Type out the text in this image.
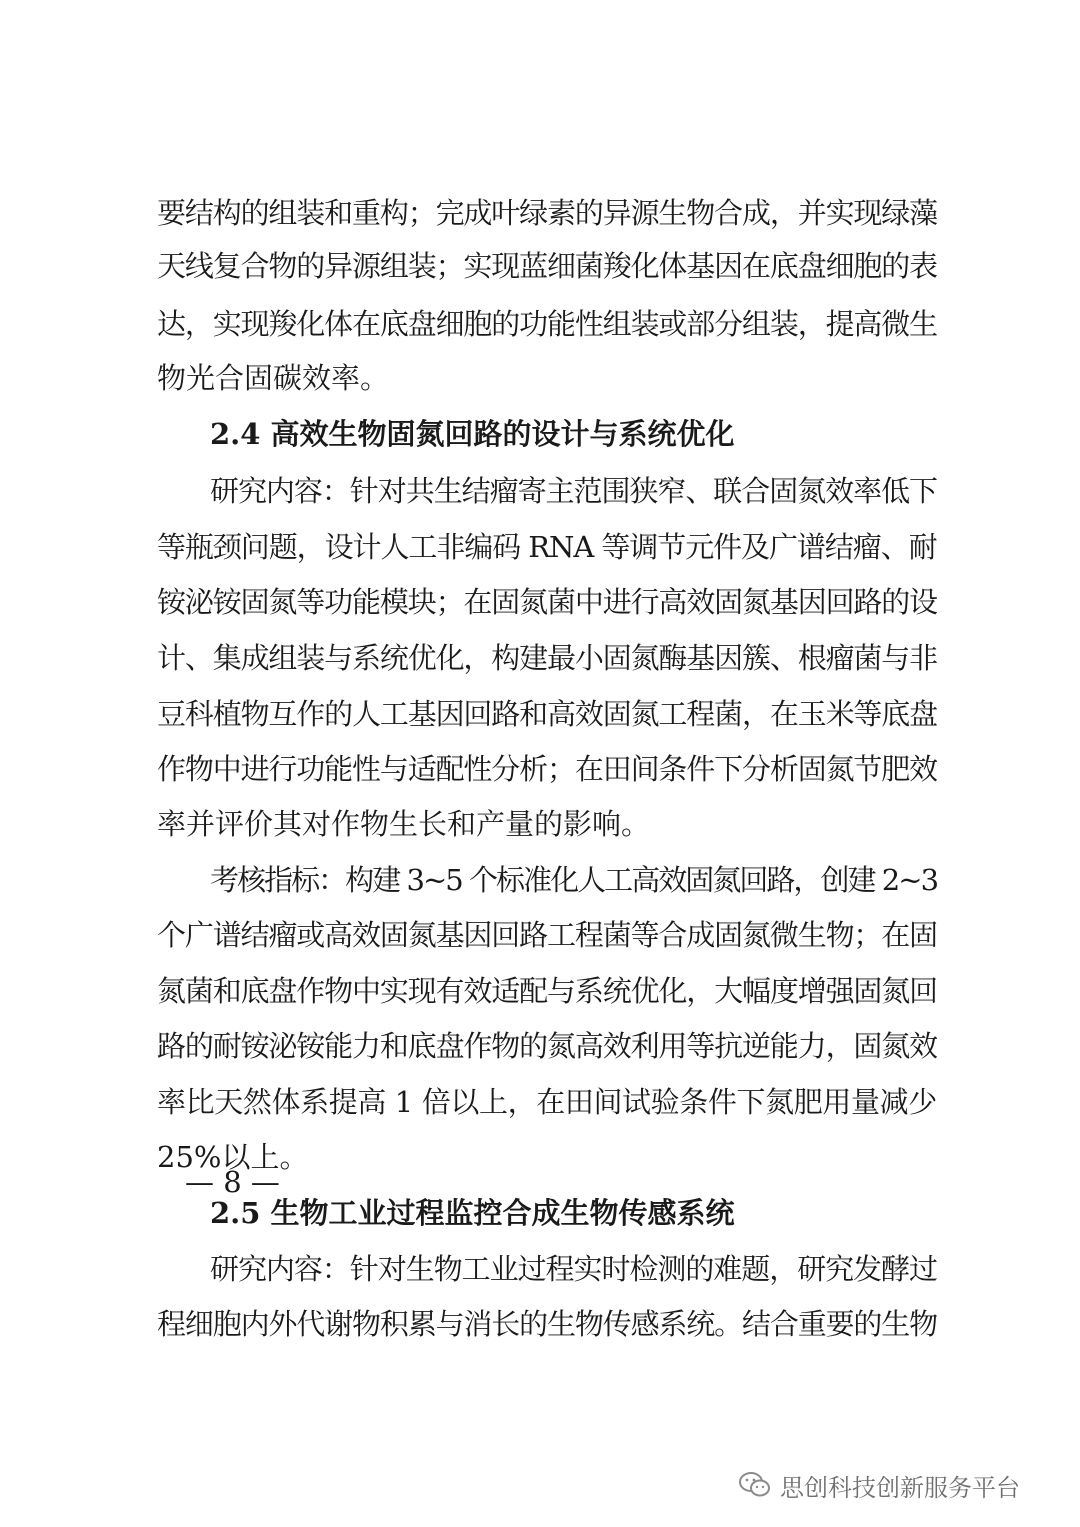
要结构的组装和重构；完成叶绿素的异源生物合成，并实现绿藻
天线复合物的异源组装；实现蓝细菌羧化体基因在底盘细胞的表
达，实现羧化体在底盘细胞的功能性组装或部分组装，提高微生
物光合固碳效率。
2.4 高效生物固氮回路的设计与系统优化
研究内容：针对共生结瘤寄主范围狭窄、联合固氮效率低下
等瓶颈问题，设计人工非编码 RNA 等调节元件及广谱结瘤、耐
铵泌铵固氮等功能模块；在固氮菌中进行高效固氮基因回路的设
计、集成组装与系统优化，构建最小固氮酶基因簇、根瘤菌与非
豆科植物互作的人工基因回路和高效固氮工程菌，在玉米等底盘
作物中进行功能性与适配性分析；在田间条件下分析固氮节肥效
率并评价其对作物生长和产量的影响。
考核指标：构建 3~5 个标准化人工高效固氮回路，创建 2~3
个广谱结瘤或高效固氮基因回路工程菌等合成固氮微生物；在固
氮菌和底盘作物中实现有效适配与系统优化，大幅度增强固氮回
路的耐铵泌铵能力和底盘作物的氮高效利用等抗逆能力，固氮效
率比天然体系提高 1 倍以上，在田间试验条件下氮肥用量减少
25%以上。
2.5 生物工业过程监控合成生物传感系统
研究内容：针对生物工业过程实时检测的难题，研究发酵过
程细胞内外代谢物积累与消长的生物传感系统。结合重要的生物
— 8 —
思创科技创新服务平台
